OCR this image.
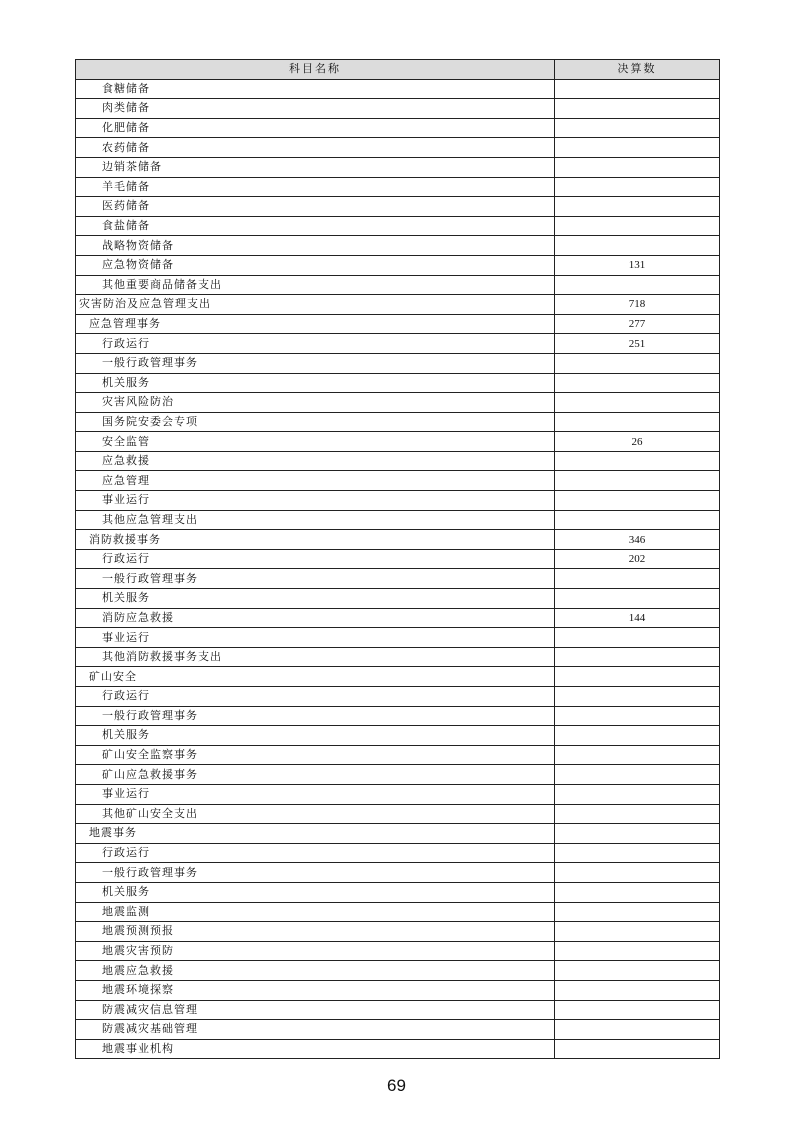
科目名称	决算数
食糖储备	
肉类储备	
化肥储备	
农药储备	
边销茶储备	
羊毛储备	
医药储备	
食盐储备	
战略物资储备	
应急物资储备	131
其他重要商品储备支出	
灾害防治及应急管理支出	718
应急管理事务	277
行政运行	251
一般行政管理事务	
机关服务	
灾害风险防治	
国务院安委会专项	
安全监管	26
应急救援	
应急管理	
事业运行	
其他应急管理支出	
消防救援事务	346
行政运行	202
一般行政管理事务	
机关服务	
消防应急救援	144
事业运行	
其他消防救援事务支出	
矿山安全	
行政运行	
一般行政管理事务	
机关服务	
矿山安全监察事务	
矿山应急救援事务	
事业运行	
其他矿山安全支出	
地震事务	
行政运行	
一般行政管理事务	
机关服务	
地震监测	
地震预测预报	
地震灾害预防	
地震应急救援	
地震环境探察	
防震减灾信息管理	
防震减灾基础管理	
地震事业机构	
69
